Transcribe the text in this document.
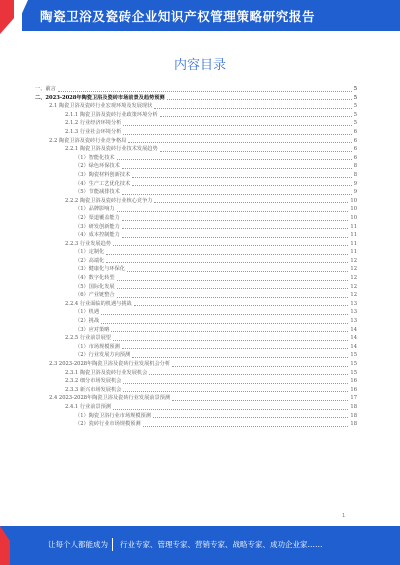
陶瓷卫浴及瓷砖企业知识产权管理策略研究报告
内容目录
一、前言	5
二、2023-2028年陶瓷卫浴及瓷砖市场前景及趋势预测	5
2.1 陶瓷卫浴及瓷砖行业宏观环境及发展现状	5
2.1.1 陶瓷卫浴及瓷砖行业政策环境分析	5
2.1.2 行业经济环境分析	5
2.1.3 行业社会环境分析	6
2.2 陶瓷卫浴及瓷砖行业竞争格局	6
2.2.1 陶瓷卫浴及瓷砖行业技术发展趋势	6
（1）智能化技术	6
（2）绿色环保技术	8
（3）陶瓷材料创新技术	8
（4）生产工艺优化技术	9
（5）节能减排技术	9
2.2.2 陶瓷卫浴及瓷砖行业核心竞争力	10
（1）品牌影响力	10
（2）渠道覆盖能力	10
（3）研发创新能力	11
（4）成本控制能力	11
2.2.3 行业发展趋势	11
（1）定制化	11
（2）高端化	12
（3）健康化与环保化	12
（4）数字化转型	12
（5）国际化发展	12
（6）产业链整合	12
2.2.4 行业面临的机遇与挑战	13
（1）机遇	13
（2）挑战	13
（3）应对策略	14
2.2.5 行业前景展望	14
（1）市场规模预测	14
（2）行业发展方向预测	15
2.3 2023-2028年陶瓷卫浴及瓷砖行业发展机会分析	15
2.3.1 陶瓷卫浴及瓷砖行业发展机会	15
2.3.2 细分市场发展机会	16
2.3.3 新兴市场发展机会	16
2.4 2023-2028年陶瓷卫浴及瓷砖行业发展前景预测	17
2.4.1 行业前景预测	18
（1）陶瓷卫浴行业市场规模预测	18
（2）瓷砖行业市场规模预测	18
1
让每个人都能成为 行业专家、管理专家、营销专家、战略专家、成功企业家……
